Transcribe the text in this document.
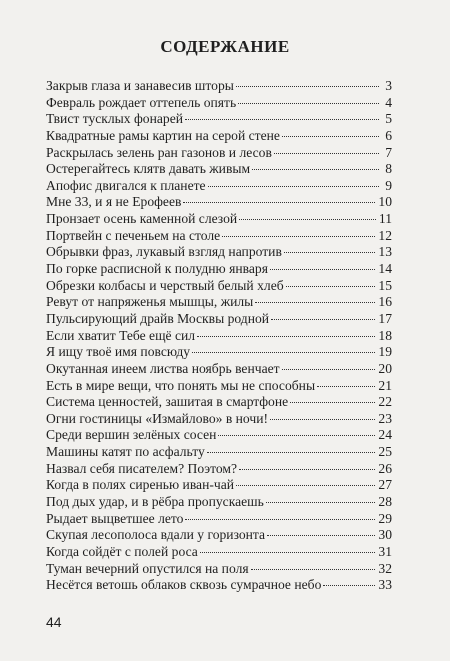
СОДЕРЖАНИЕ
Закрыв глаза и занавесив шторы	3
Февраль рождает оттепель опять	4
Твист тусклых фонарей	5
Квадратные рамы картин на серой стене	6
Раскрылась зелень ран газонов и лесов	7
Остерегайтесь клятв давать живым	8
Апофис двигался к планете	9
Мне 33, и я не Ерофеев	10
Пронзает осень каменной слезой	11
Портвейн с печеньем на столе	12
Обрывки фраз, лукавый взгляд напротив	13
По горке расписной к полудню января	14
Обрезки колбасы и черствый белый хлеб	15
Ревут от напряженья мышцы, жилы	16
Пульсирующий драйв Москвы родной	17
Если хватит Тебе ещё сил	18
Я ищу твоё имя повсюду	19
Окутанная инеем листва ноябрь венчает	20
Есть в мире вещи, что понять мы не способны	21
Система ценностей, зашитая в смартфоне	22
Огни гостиницы «Измайлово» в ночи!	23
Среди вершин зелёных сосен	24
Машины катят по асфальту	25
Назвал себя писателем? Поэтом?	26
Когда в полях сиренью иван-чай	27
Под дых удар, и в рёбра пропускаешь	28
Рыдает выцветшее лето	29
Скупая лесополоса вдали у горизонта	30
Когда сойдёт с полей роса	31
Туман вечерний опустился на поля	32
Несётся ветошь облаков сквозь сумрачное небо	33
44
